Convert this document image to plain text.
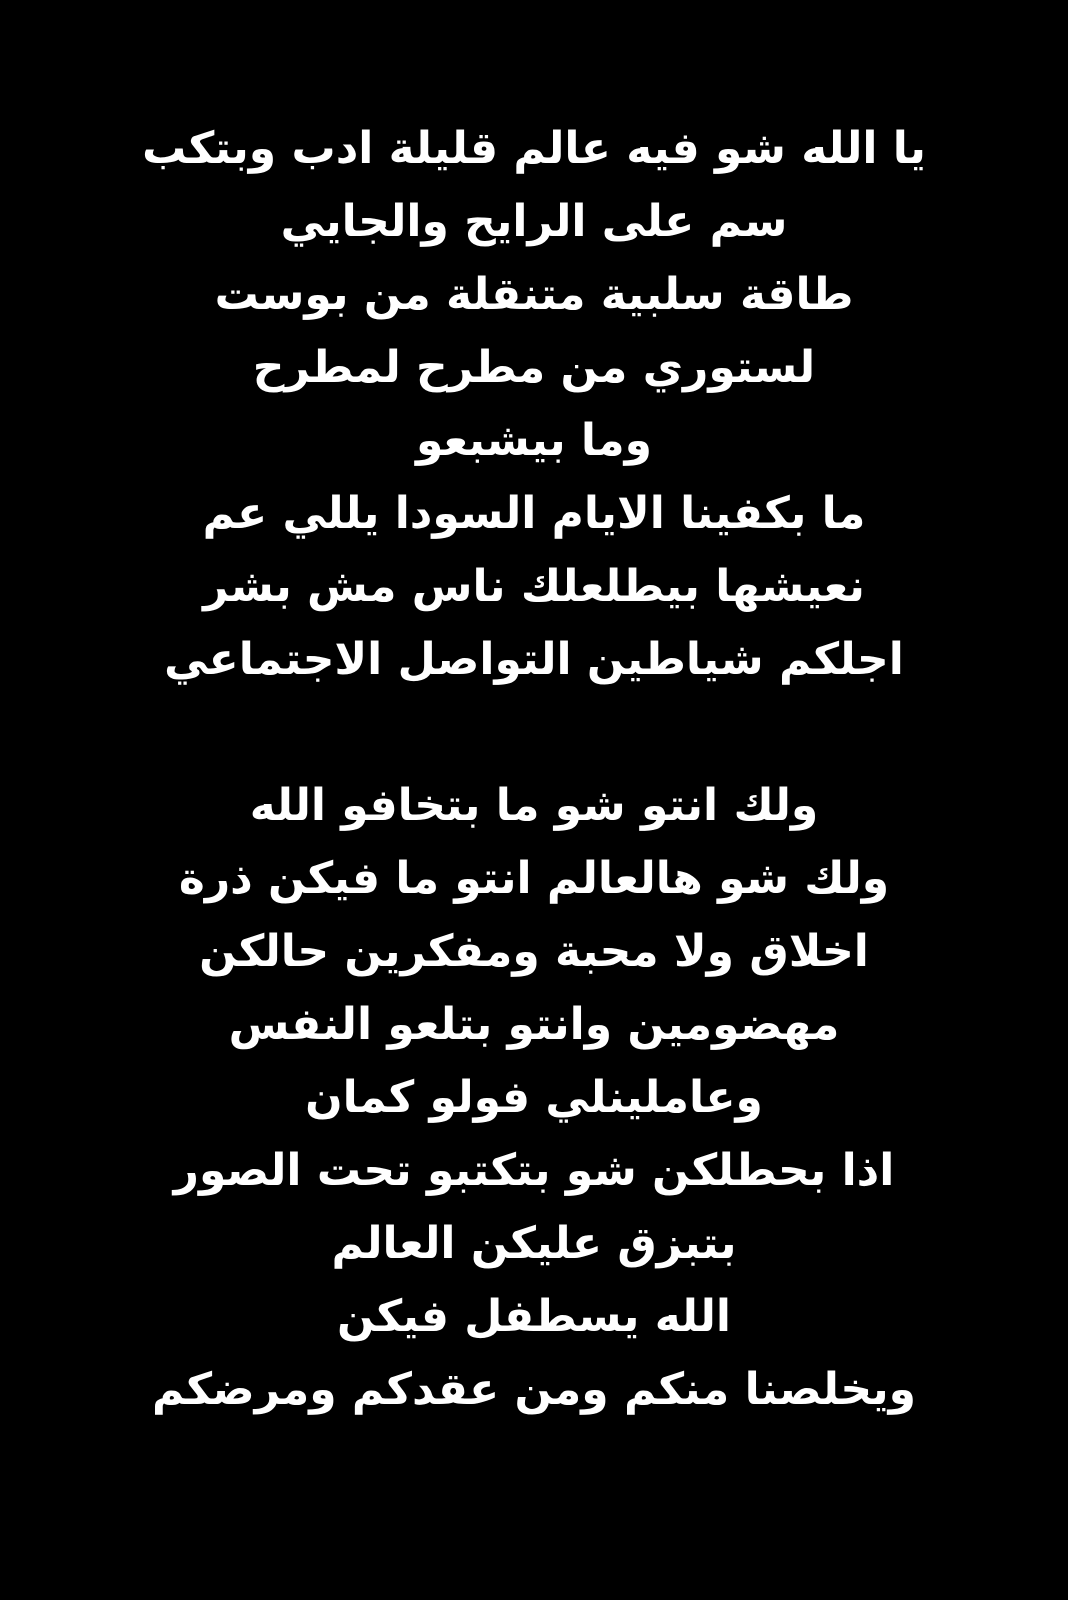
يا الله شو فيه عالم قليلة ادب وبتكب
سم على الرايح والجايي
طاقة سلبية متنقلة من بوست
لستوري من مطرح لمطرح
وما بيشبعو
ما بكفينا الايام السودا يللي عم
نعيشها بيطلعلك ناس مش بشر
اجلكم شياطين التواصل الاجتماعي
ولك انتو شو ما بتخافو الله
ولك شو هالعالم انتو ما فيكن ذرة
اخلاق ولا محبة ومفكرين حالكن
مهضومين وانتو بتلعو النفس
وعاملينلي فولو كمان
اذا بحطلكن شو بتكتبو تحت الصور
بتبزق عليكن العالم
الله يسطفل فيكن
ويخلصنا منكم ومن عقدكم ومرضكم
